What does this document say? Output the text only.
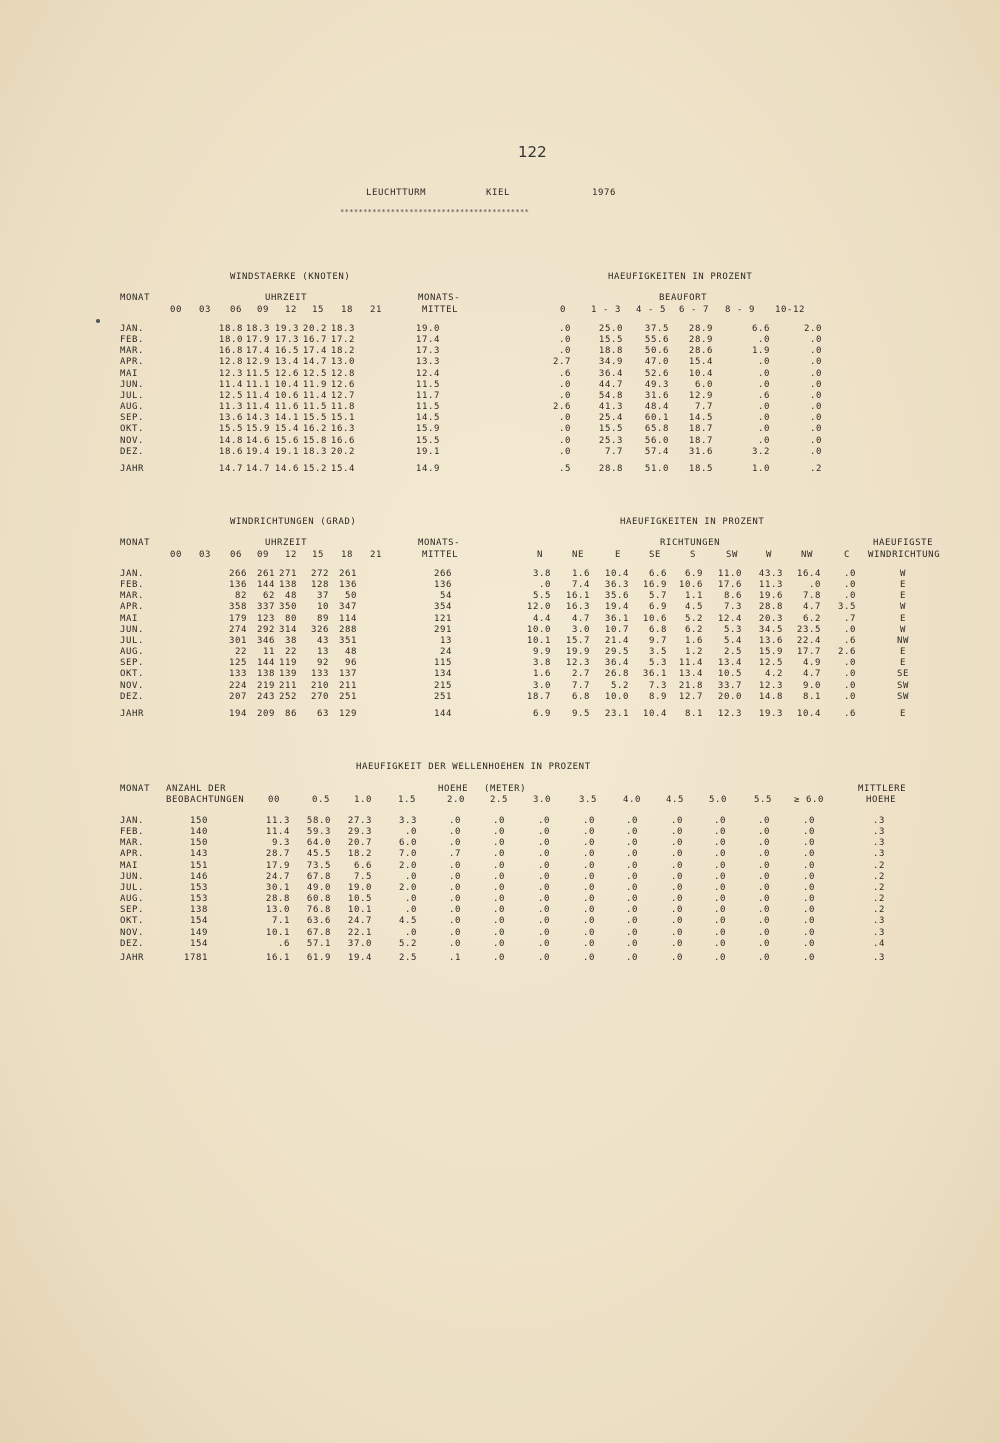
122
LEUCHTTURM	KIEL	1976
*****************************************
WINDSTAERKE (KNOTEN)	HAEUFIGKEITEN IN PROZENT
MONAT	UHRZEIT	MONATS-
MITTEL
BEAUFORT
00	03	06	09	12	15	18	21	0	1 - 3	4 - 5	6 - 7	8 - 9	10-12
JAN.	18.8 18.3 19.3 20.2 18.3	19.0	.0	25.0	37.5	28.9	6.6	2.0
FEB.	18.0 17.9 17.3 16.7 17.2	17.4	.0	15.5	55.6	28.9	.0	.0
MAR.	16.8 17.4 16.5 17.4 18.2	17.3	.0	18.8	50.6	28.6	1.9	.0
APR.	12.8 12.9 13.4 14.7 13.0	13.3	2.7	34.9	47.0	15.4	.0	.0
MAI	12.3 11.5 12.6 12.5 12.8	12.4	.6	36.4	52.6	10.4	.0	.0
JUN.	11.4 11.1 10.4 11.9 12.6	11.5	.0	44.7	49.3	6.0	.0	.0
JUL.	12.5 11.4 10.6 11.4 12.7	11.7	.0	54.8	31.6	12.9	.6	.0
AUG.	11.3 11.4 11.6 11.5 11.8	11.5	2.6	41.3	48.4	7.7	.0	.0
SEP.	13.6 14.3 14.1 15.5 15.1	14.5	.0	25.4	60.1	14.5	.0	.0
OKT.	15.5 15.9 15.4 16.2 16.3	15.9	.0	15.5	65.8	18.7	.0	.0
NOV.	14.8 14.6 15.6 15.8 16.6	15.5	.0	25.3	56.0	18.7	.0	.0
DEZ.	18.6 19.4 19.1 18.3 20.2	19.1	.0	7.7	57.4	31.6	3.2	.0
JAHR	14.7 14.7 14.6 15.2 15.4	14.9	.5	28.8	51.0	18.5	1.0	.2
WINDRICHTUNGEN (GRAD)	HAEUFIGKEITEN IN PROZENT
MONAT	UHRZEIT	MONATS-
MITTEL
RICHTUNGEN	HAEUFIGSTE
WINDRICHTUNG
00	03	06	09	12	15	18	21	N	NE	E	SE	S	SW	W	NW	C
JAN.	266	261 271	272	261	266	3.8	1.6	10.4	6.6	6.9	11.0	43.3	16.4	.0	W
FEB.	136	144 138	128	136	136	.0	7.4	36.3	16.9	10.6	17.6	11.3	.0	.0	E
MAR.	82	62	48	37	50	54	5.5	16.1	35.6	5.7	1.1	8.6	19.6	7.8	.0	E
APR.	358	337 350	10	347	354	12.0	16.3	19.4	6.9	4.5	7.3	28.8	4.7	3.5	W
MAI	179	123	80	89	114	121	4.4	4.7	36.1	10.6	5.2	12.4	20.3	6.2	.7	E
JUN.	274	292 314	326	288	291	10.0	3.0	10.7	6.8	6.2	5.3	34.5	23.5	.0	W
JUL.	301	346	38	43	351	13	10.1	15.7	21.4	9.7	1.6	5.4	13.6	22.4	.6	NW
AUG.	22	11	22	13	48	24	9.9	19.9	29.5	3.5	1.2	2.5	15.9	17.7	2.6	E
SEP.	125	144 119	92	96	115	3.8	12.3	36.4	5.3	11.4	13.4	12.5	4.9	.0	E
OKT.	133	138 139	133	137	134	1.6	2.7	26.8	36.1	13.4	10.5	4.2	4.7	.0	SE
NOV.	224	219 211	210	211	215	3.0	7.7	5.2	7.3	21.8	33.7	12.3	9.0	.0	SW
DEZ.	207	243 252	270	251	251	18.7	6.8	10.0	8.9	12.7	20.0	14.8	8.1	.0	SW
JAHR	194	209	86	63	129	144	6.9	9.5	23.1	10.4	8.1	12.3	19.3	10.4	.6	E
HAEUFIGKEIT DER WELLENHOEHEN IN PROZENT
MONAT ANZAHL DER
BEOBACHTUNGEN
HOEHE (METER)	MITTLERE
HOEHE
00	0.5	1.0	1.5	2.0	2.5	3.0	3.5	4.0	4.5	5.0	5.5	≥ 6.0
JAN.	150	11.3	58.0	27.3	3.3	.0	.0	.0	.0	.0	.0	.0	.0	.0	.3
FEB.	140	11.4	59.3	29.3	.0	.0	.0	.0	.0	.0	.0	.0	.0	.0	.3
MAR.	150	9.3	64.0	20.7	6.0	.0	.0	.0	.0	.0	.0	.0	.0	.0	.3
APR.	143	28.7	45.5	18.2	7.0	.7	.0	.0	.0	.0	.0	.0	.0	.0	.3
MAI	151	17.9	73.5	6.6	2.0	.0	.0	.0	.0	.0	.0	.0	.0	.0	.2
JUN.	146	24.7	67.8	7.5	.0	.0	.0	.0	.0	.0	.0	.0	.0	.0	.2
JUL.	153	30.1	49.0	19.0	2.0	.0	.0	.0	.0	.0	.0	.0	.0	.0	.2
AUG.	153	28.8	60.8	10.5	.0	.0	.0	.0	.0	.0	.0	.0	.0	.0	.2
SEP.	138	13.0	76.8	10.1	.0	.0	.0	.0	.0	.0	.0	.0	.0	.0	.2
OKT.	154	7.1	63.6	24.7	4.5	.0	.0	.0	.0	.0	.0	.0	.0	.0	.3
NOV.	149	10.1	67.8	22.1	.0	.0	.0	.0	.0	.0	.0	.0	.0	.0	.3
DEZ.	154	.6	57.1	37.0	5.2	.0	.0	.0	.0	.0	.0	.0	.0	.0	.4
JAHR	1781	16.1	61.9	19.4	2.5	.1	.0	.0	.0	.0	.0	.0	.0	.0	.3
